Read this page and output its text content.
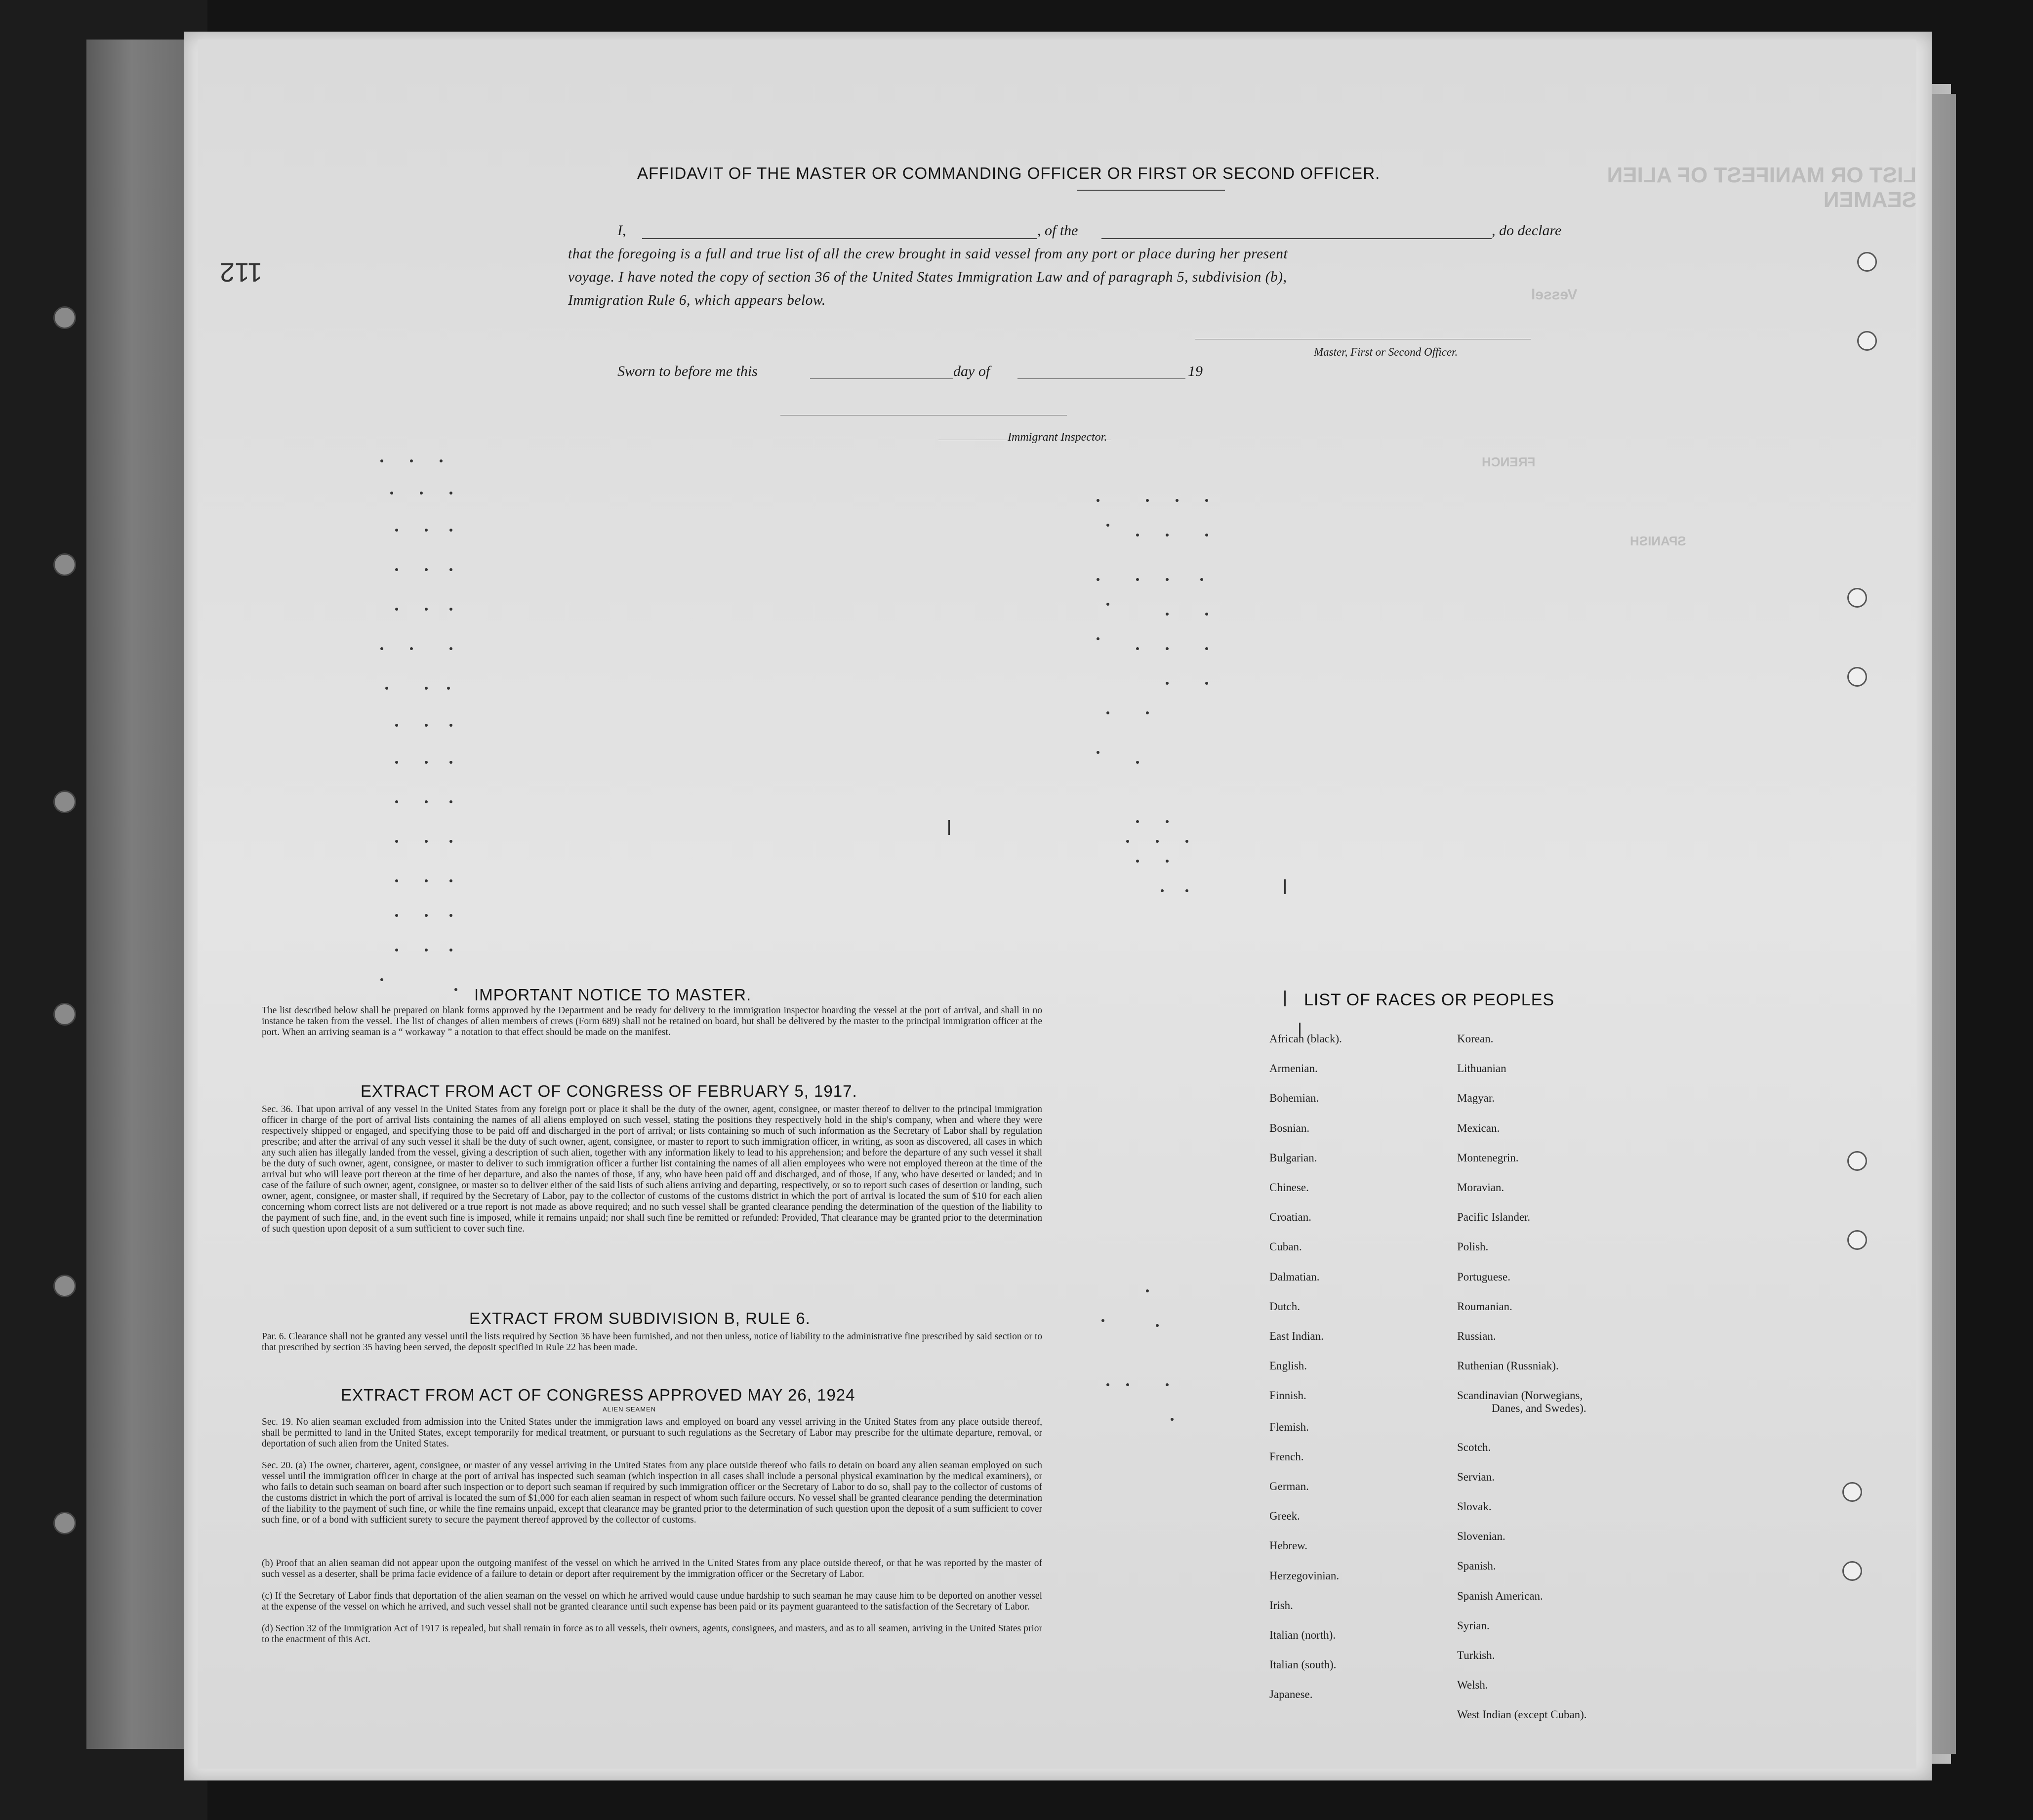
LIST OR MANIFEST OF ALIEN SEAMEN
Vessel
FRENCH
SPANISH
112
AFFIDAVIT OF THE MASTER OR COMMANDING OFFICER OR FIRST OR SECOND OFFICER.
I,	, of the	, do declare
that the foregoing is a full and true list of all the crew brought in said vessel from any port or place during her present
voyage. I have noted the copy of section 36 of the United States Immigration Law and of paragraph 5, subdivision (b),
Immigration Rule 6, which appears below.
Master, First or Second Officer.
Sworn to before me this	day of	19
Immigrant Inspector.
IMPORTANT NOTICE TO MASTER.
The list described below shall be prepared on blank forms approved by the Department and be ready for delivery to the immigration inspector boarding the vessel at the port of arrival, and shall in no instance be taken from the vessel. The list of changes of alien members of crews (Form 689) shall not be retained on board, but shall be delivered by the master to the principal immigration officer at the port. When an arriving seaman is a “ workaway ” a notation to that effect should be made on the manifest.
EXTRACT FROM ACT OF CONGRESS OF FEBRUARY 5, 1917.
Sec. 36. That upon arrival of any vessel in the United States from any foreign port or place it shall be the duty of the owner, agent, consignee, or master thereof to deliver to the principal immigration officer in charge of the port of arrival lists containing the names of all aliens employed on such vessel, stating the positions they respectively hold in the ship's company, when and where they were respectively shipped or engaged, and specifying those to be paid off and discharged in the port of arrival; or lists containing so much of such information as the Secretary of Labor shall by regulation prescribe; and after the arrival of any such vessel it shall be the duty of such owner, agent, consignee, or master to report to such immigration officer, in writing, as soon as discovered, all cases in which any such alien has illegally landed from the vessel, giving a description of such alien, together with any information likely to lead to his apprehension; and before the departure of any such vessel it shall be the duty of such owner, agent, consignee, or master to deliver to such immigration officer a further list containing the names of all alien employees who were not employed thereon at the time of the arrival but who will leave port thereon at the time of her departure, and also the names of those, if any, who have been paid off and discharged, and of those, if any, who have deserted or landed; and in case of the failure of such owner, agent, consignee, or master so to deliver either of the said lists of such aliens arriving and departing, respectively, or so to report such cases of desertion or landing, such owner, agent, consignee, or master shall, if required by the Secretary of Labor, pay to the collector of customs of the customs district in which the port of arrival is located the sum of $10 for each alien concerning whom correct lists are not delivered or a true report is not made as above required; and no such vessel shall be granted clearance pending the determination of the question of the liability to the payment of such fine, and, in the event such fine is imposed, while it remains unpaid; nor shall such fine be remitted or refunded: Provided, That clearance may be granted prior to the determination of such question upon deposit of a sum sufficient to cover such fine.
EXTRACT FROM SUBDIVISION B, RULE 6.
Par. 6. Clearance shall not be granted any vessel until the lists required by Section 36 have been furnished, and not then unless, notice of liability to the administrative fine prescribed by said section or to that prescribed by section 35 having been served, the deposit specified in Rule 22 has been made.
EXTRACT FROM ACT OF CONGRESS APPROVED MAY 26, 1924
ALIEN SEAMEN
Sec. 19. No alien seaman excluded from admission into the United States under the immigration laws and employed on board any vessel arriving in the United States from any place outside thereof, shall be permitted to land in the United States, except temporarily for medical treatment, or pursuant to such regulations as the Secretary of Labor may prescribe for the ultimate departure, removal, or deportation of such alien from the United States.
Sec. 20. (a) The owner, charterer, agent, consignee, or master of any vessel arriving in the United States from any place outside thereof who fails to detain on board any alien seaman employed on such vessel until the immigration officer in charge at the port of arrival has inspected such seaman (which inspection in all cases shall include a personal physical examination by the medical examiners), or who fails to detain such seaman on board after such inspection or to deport such seaman if required by such immigration officer or the Secretary of Labor to do so, shall pay to the collector of customs of the customs district in which the port of arrival is located the sum of $1,000 for each alien seaman in respect of whom such failure occurs. No vessel shall be granted clearance pending the determination of the liability to the payment of such fine, or while the fine remains unpaid, except that clearance may be granted prior to the determination of such question upon the deposit of a sum sufficient to cover such fine, or of a bond with sufficient surety to secure the payment thereof approved by the collector of customs.
(b) Proof that an alien seaman did not appear upon the outgoing manifest of the vessel on which he arrived in the United States from any place outside thereof, or that he was reported by the master of such vessel as a deserter, shall be prima facie evidence of a failure to detain or deport after requirement by the immigration officer or the Secretary of Labor.
(c) If the Secretary of Labor finds that deportation of the alien seaman on the vessel on which he arrived would cause undue hardship to such seaman he may cause him to be deported on another vessel at the expense of the vessel on which he arrived, and such vessel shall not be granted clearance until such expense has been paid or its payment guaranteed to the satisfaction of the Secretary of Labor.
(d) Section 32 of the Immigration Act of 1917 is repealed, but shall remain in force as to all vessels, their owners, agents, consignees, and masters, and as to all seamen, arriving in the United States prior to the enactment of this Act.
LIST OF RACES OR PEOPLES
Danes, and Swedes).
African (black).
Armenian.
Bohemian.
Bosnian.
Bulgarian.
Chinese.
Croatian.
Cuban.
Dalmatian.
Dutch.
East Indian.
English.
Finnish.
Flemish.
French.
German.
Greek.
Hebrew.
Herzegovinian.
Irish.
Italian (north).
Italian (south).
Japanese.
Korean.
Lithuanian
Magyar.
Mexican.
Montenegrin.
Moravian.
Pacific Islander.
Polish.
Portuguese.
Roumanian.
Russian.
Ruthenian (Russniak).
Scandinavian (Norwegians,
Scotch.
Servian.
Slovak.
Slovenian.
Spanish.
Spanish American.
Syrian.
Turkish.
Welsh.
West Indian (except Cuban).
